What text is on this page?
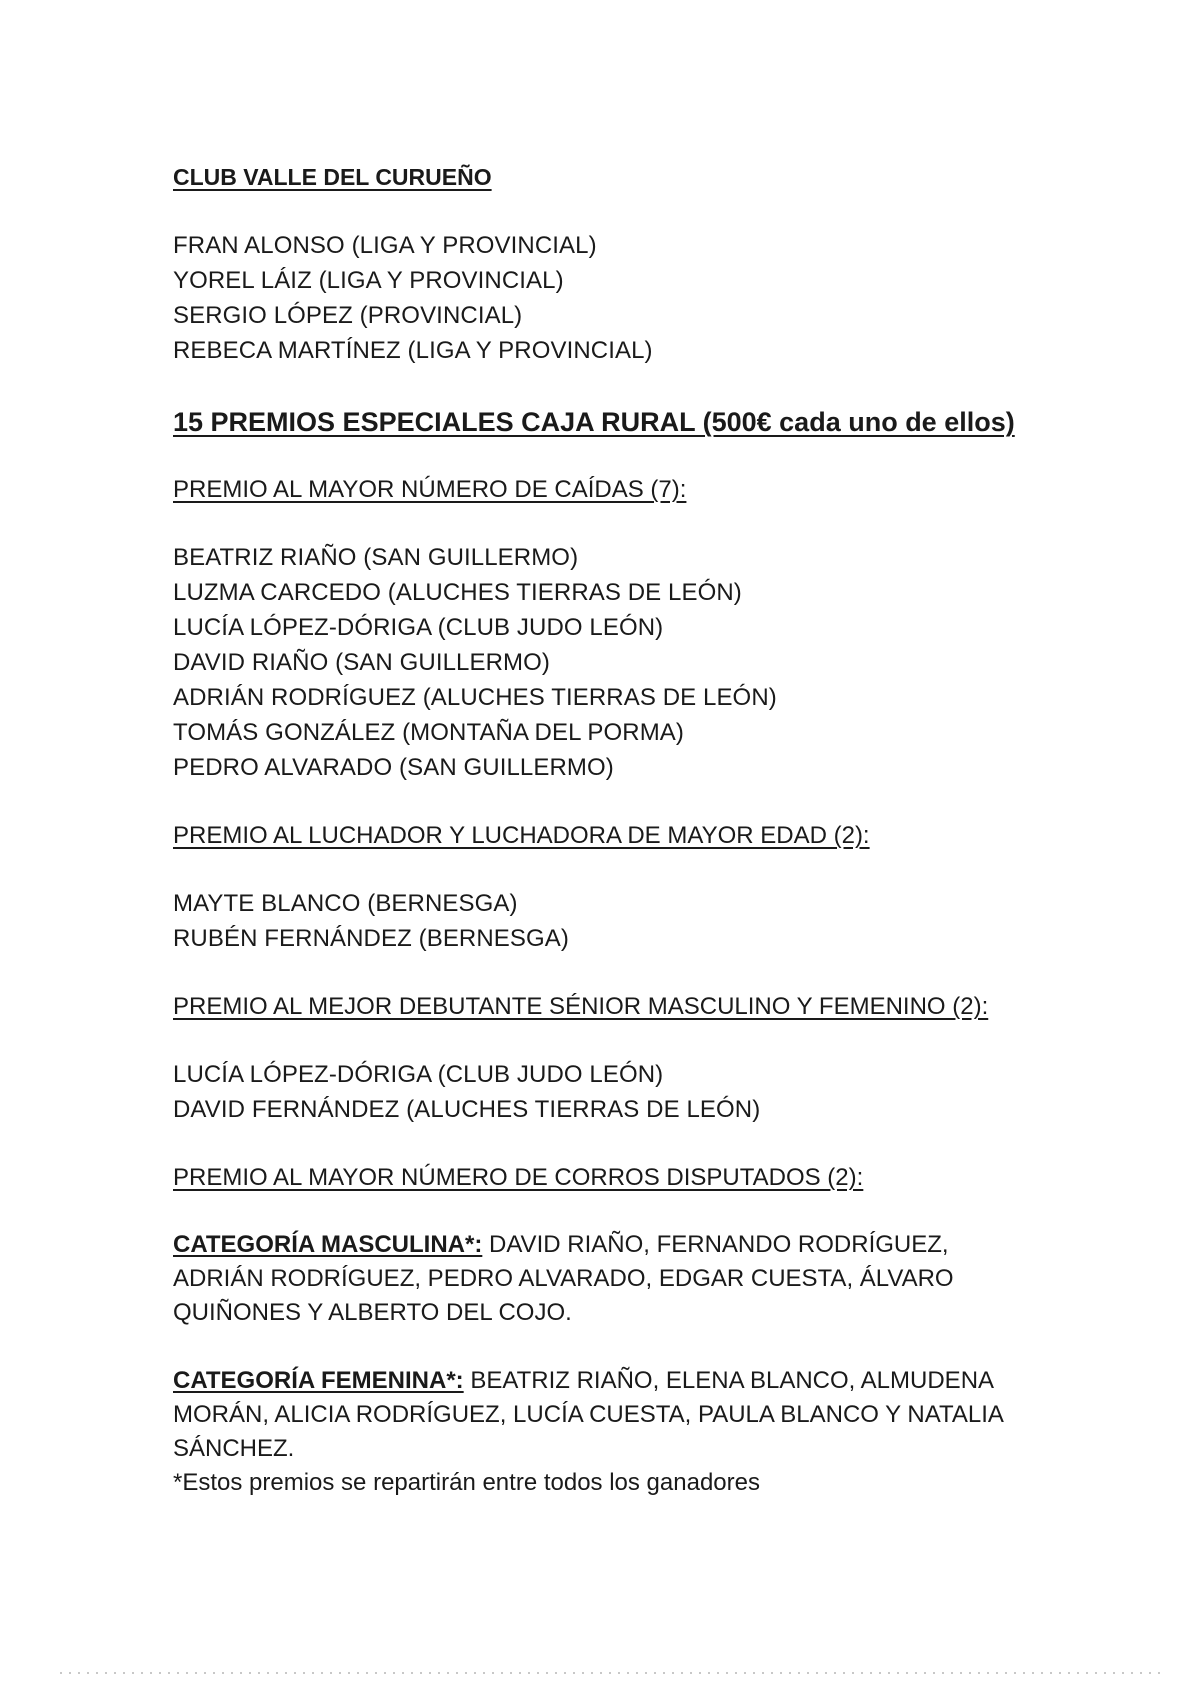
CLUB VALLE DEL CURUEÑO
FRAN ALONSO (LIGA Y PROVINCIAL)
YOREL LÁIZ (LIGA Y PROVINCIAL)
SERGIO LÓPEZ (PROVINCIAL)
REBECA MARTÍNEZ (LIGA Y PROVINCIAL)
15 PREMIOS ESPECIALES CAJA RURAL (500€ cada uno de ellos)
PREMIO AL MAYOR NÚMERO DE CAÍDAS (7):
BEATRIZ RIAÑO (SAN GUILLERMO)
LUZMA CARCEDO (ALUCHES TIERRAS DE LEÓN)
LUCÍA LÓPEZ-DÓRIGA (CLUB JUDO LEÓN)
DAVID RIAÑO (SAN GUILLERMO)
ADRIÁN RODRÍGUEZ (ALUCHES TIERRAS DE LEÓN)
TOMÁS GONZÁLEZ (MONTAÑA DEL PORMA)
PEDRO ALVARADO (SAN GUILLERMO)
PREMIO AL LUCHADOR Y LUCHADORA DE MAYOR EDAD (2):
MAYTE BLANCO (BERNESGA)
RUBÉN FERNÁNDEZ (BERNESGA)
PREMIO AL MEJOR DEBUTANTE SÉNIOR MASCULINO Y FEMENINO (2):
LUCÍA LÓPEZ-DÓRIGA (CLUB JUDO LEÓN)
DAVID FERNÁNDEZ (ALUCHES TIERRAS DE LEÓN)
PREMIO AL MAYOR NÚMERO DE CORROS DISPUTADOS (2):
CATEGORÍA MASCULINA*: DAVID RIAÑO, FERNANDO RODRÍGUEZ, ADRIÁN RODRÍGUEZ, PEDRO ALVARADO, EDGAR CUESTA, ÁLVARO QUIÑONES Y ALBERTO DEL COJO.
CATEGORÍA FEMENINA*: BEATRIZ RIAÑO, ELENA BLANCO, ALMUDENA MORÁN, ALICIA RODRÍGUEZ, LUCÍA CUESTA, PAULA BLANCO Y NATALIA SÁNCHEZ.
*Estos premios se repartirán entre todos los ganadores
